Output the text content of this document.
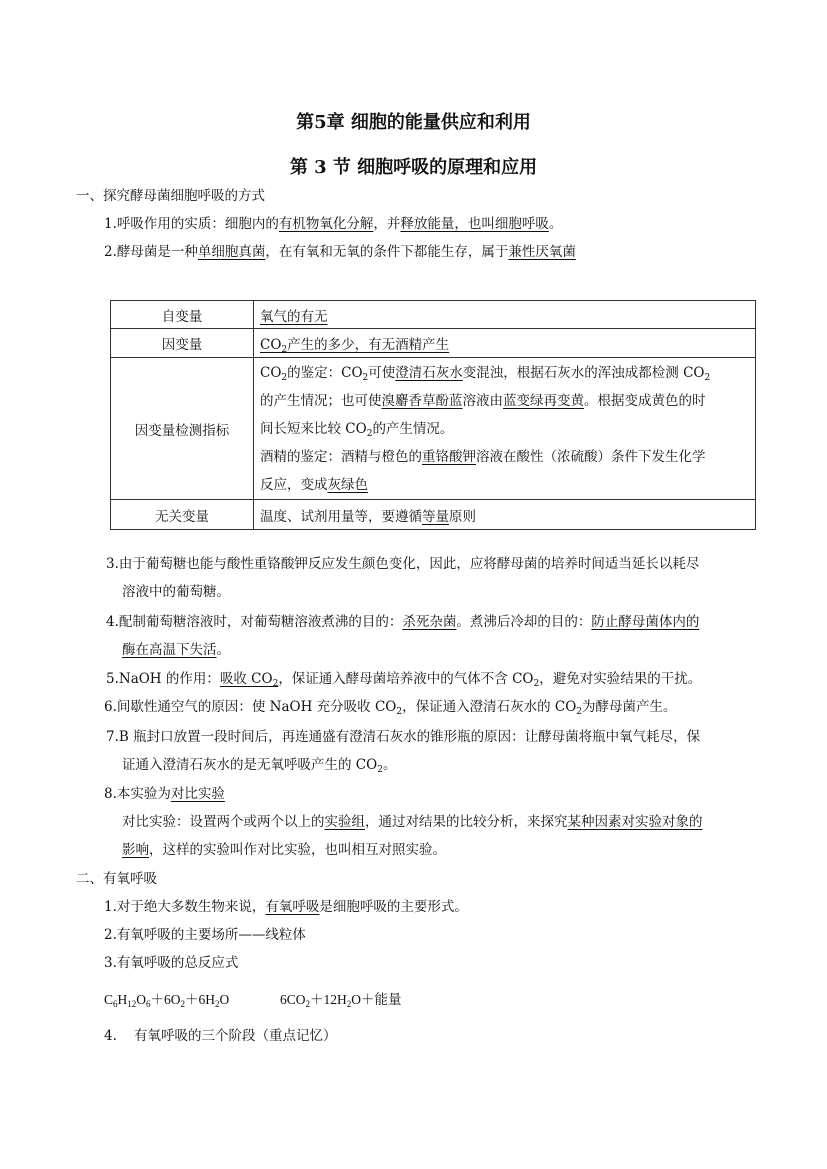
第5章 细胞的能量供应和利用
第 3 节 细胞呼吸的原理和应用
一、探究酵母菌细胞呼吸的方式
1.呼吸作用的实质：细胞内的有机物氧化分解，并释放能量，也叫细胞呼吸。
2.酵母菌是一种单细胞真菌，在有氧和无氧的条件下都能生存，属于兼性厌氧菌
自变量	氧气的有无
因变量	$CO_2$产生的多少，有无酒精产生
因变量检测指标	$CO_2$的鉴定：$CO_2$可使澄清石灰水变混浊，根据石灰水的浑浊成都检测 $CO_2$
的产生情况；也可使溴麝香草酚蓝溶液由蓝变绿再变黄。根据变成黄色的时
间长短来比较 $CO_2$的产生情况。
酒精的鉴定：酒精与橙色的重铬酸钾溶液在酸性（浓硫酸）条件下发生化学
反应，变成灰绿色

无关变量	温度、试剂用量等，要遵循等量原则
3.由于葡萄糖也能与酸性重铬酸钾反应发生颜色变化，因此，应将酵母菌的培养时间适当延长以耗尽
溶液中的葡萄糖。
4.配制葡萄糖溶液时，对葡萄糖溶液煮沸的目的：杀死杂菌。煮沸后冷却的目的：防止酵母菌体内的
酶在高温下失活。
5.NaOH 的作用：吸收 $CO_2$，保证通入酵母菌培养液中的气体不含 $CO_2$，避免对实验结果的干扰。
6.间歇性通空气的原因：使 NaOH 充分吸收 $CO_2$，保证通入澄清石灰水的 $CO_2$为酵母菌产生。
7.B 瓶封口放置一段时间后，再连通盛有澄清石灰水的锥形瓶的原因：让酵母菌将瓶中氧气耗尽，保
证通入澄清石灰水的是无氧呼吸产生的 $CO_2$。
8.本实验为对比实验
对比实验：设置两个或两个以上的实验组，通过对结果的比较分析，来探究某种因素对实验对象的
影响，这样的实验叫作对比实验，也叫相互对照实验。
二、有氧呼吸
1.对于绝大多数生物来说，有氧呼吸是细胞呼吸的主要形式。
2.有氧呼吸的主要场所——线粒体
3.有氧呼吸的总反应式
$C_6H_{12}O_6+6O_2+6H_2O$	$6CO_2+12H_2O+$能量
4.    有氧呼吸的三个阶段（重点记忆）
